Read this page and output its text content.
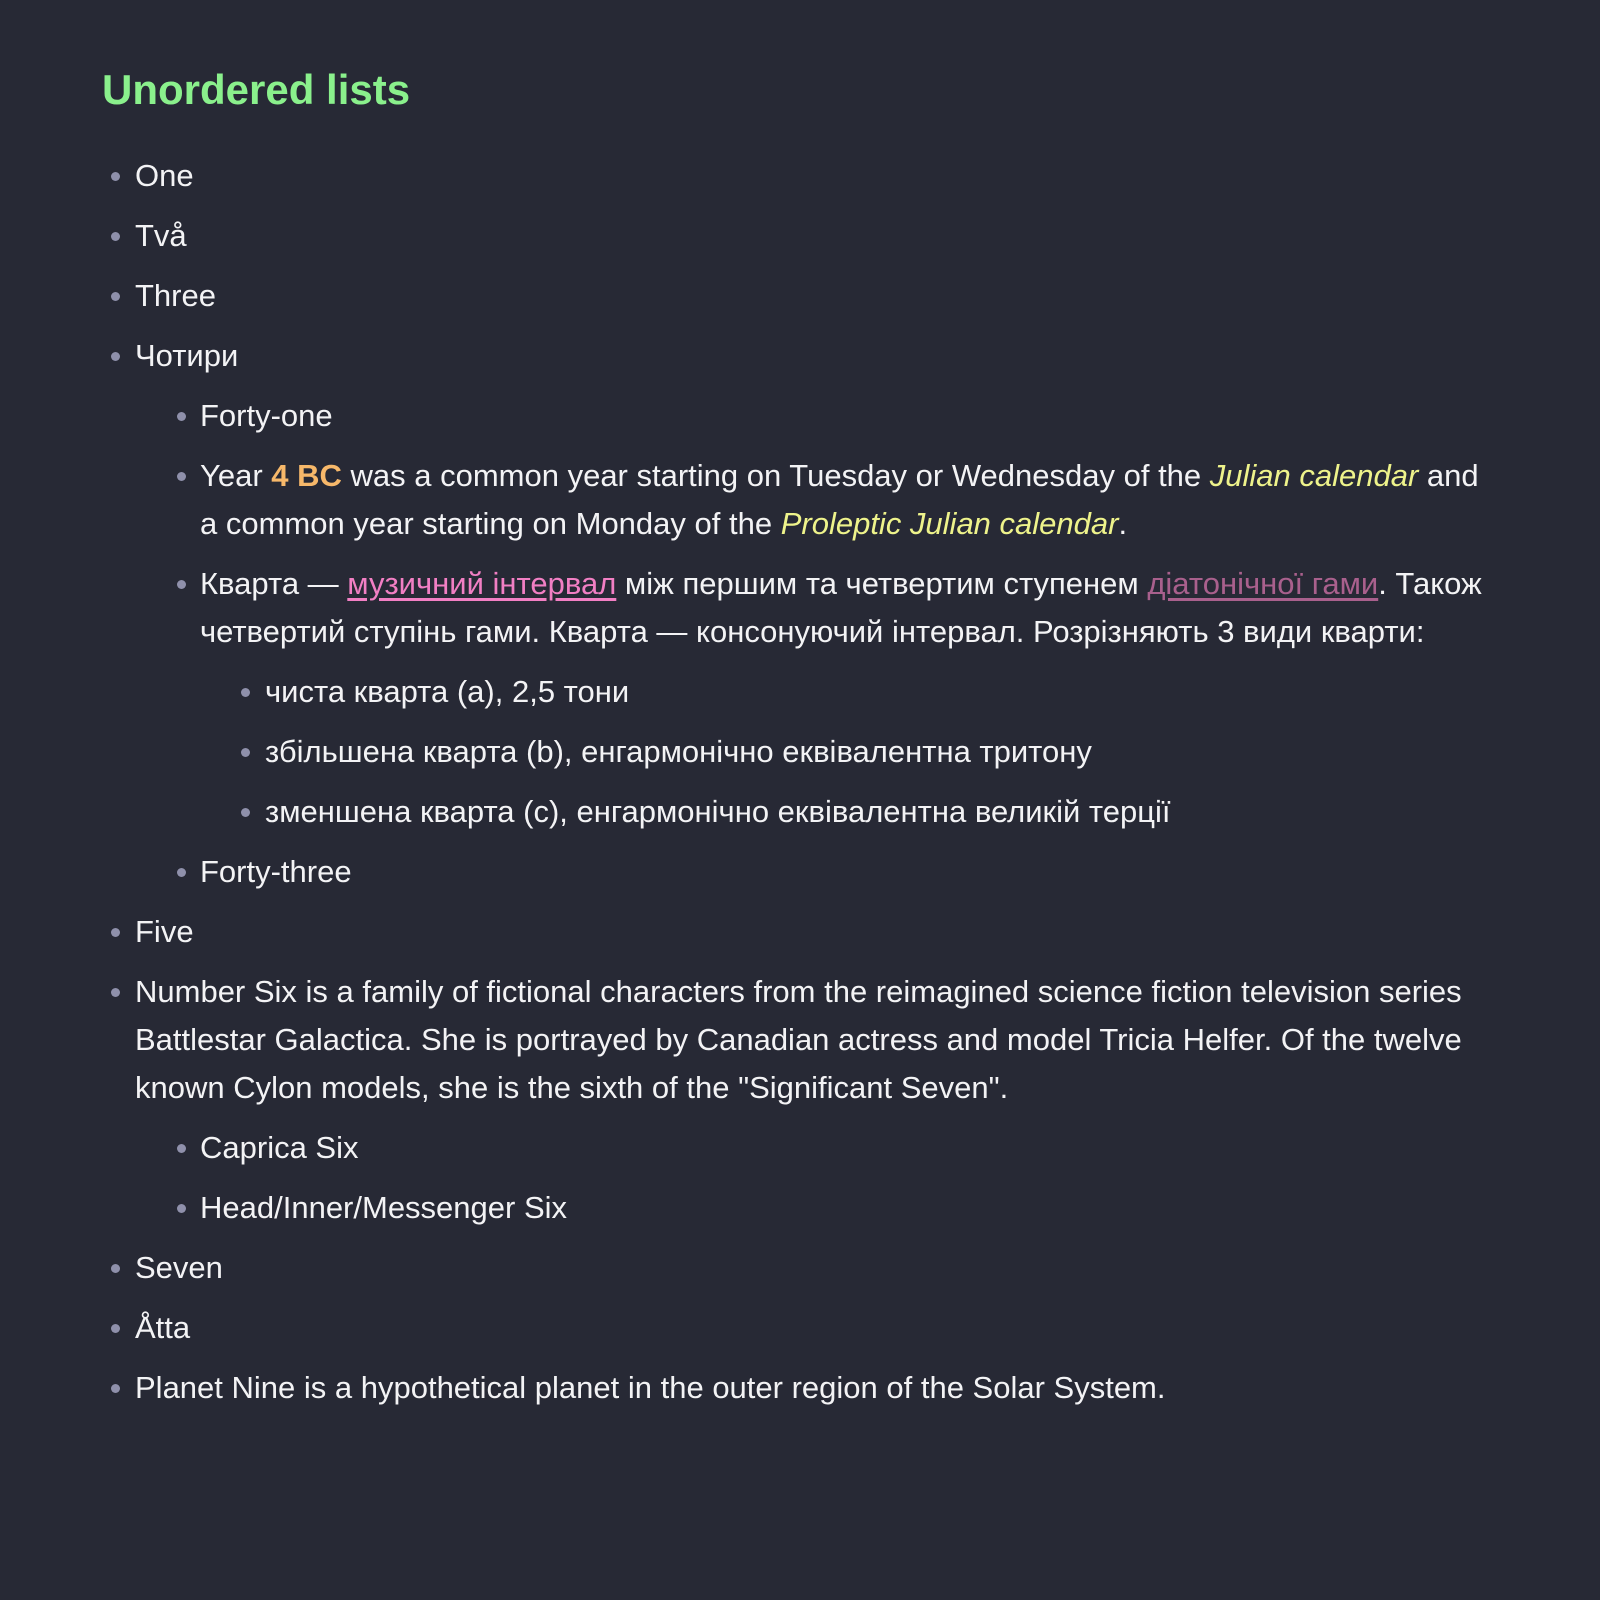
Unordered lists
One
Två
Three
Чотири
Forty-one
Year 4 BC was a common year starting on Tuesday or Wednesday of the Julian calendar and a common year starting on Monday of the Proleptic Julian calendar.
Кварта — музичний інтервал між першим та четвертим ступенем діатонічної гами. Також четвертий ступінь гами. Кварта — консонуючий інтервал. Розрізняють 3 види кварти:
чиста кварта (a), 2,5 тони
збільшена кварта (b), енгармонічно еквівалентна тритону
зменшена кварта (c), енгармонічно еквівалентна великій терції
Forty-three
Five
Number Six is a family of fictional characters from the reimagined science fiction television series Battlestar Galactica. She is portrayed by Canadian actress and model Tricia Helfer. Of the twelve known Cylon models, she is the sixth of the "Significant Seven".
Caprica Six
Head/Inner/Messenger Six
Seven
Åtta
Planet Nine is a hypothetical planet in the outer region of the Solar System.
